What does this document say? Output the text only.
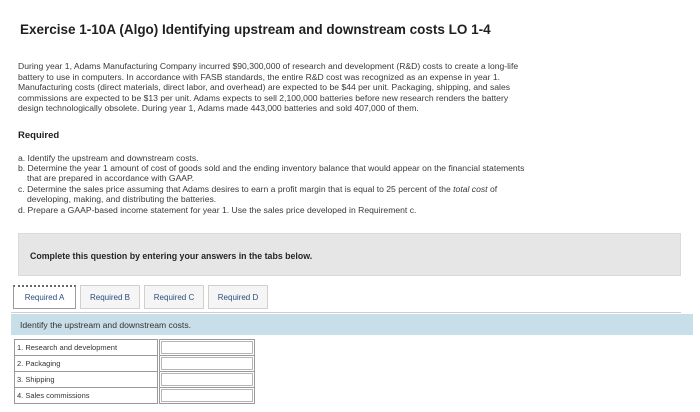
Exercise 1-10A (Algo) Identifying upstream and downstream costs LO 1-4
During year 1, Adams Manufacturing Company incurred $90,300,000 of research and development (R&D) costs to create a long-life
battery to use in computers. In accordance with FASB standards, the entire R&D cost was recognized as an expense in year 1.
Manufacturing costs (direct materials, direct labor, and overhead) are expected to be $44 per unit. Packaging, shipping, and sales
commissions are expected to be $13 per unit. Adams expects to sell 2,100,000 batteries before new research renders the battery
design technologically obsolete. During year 1, Adams made 443,000 batteries and sold 407,000 of them.
Required
a. Identify the upstream and downstream costs.
b. Determine the year 1 amount of cost of goods sold and the ending inventory balance that would appear on the financial statements
that are prepared in accordance with GAAP.
c. Determine the sales price assuming that Adams desires to earn a profit margin that is equal to 25 percent of the total cost of
developing, making, and distributing the batteries.
d. Prepare a GAAP-based income statement for year 1. Use the sales price developed in Requirement c.
Complete this question by entering your answers in the tabs below.
Required A	Required B	Required C	Required D
Identify the upstream and downstream costs.
1. Research and development		

2. Packaging		

3. Shipping		

4. Sales commissions		
